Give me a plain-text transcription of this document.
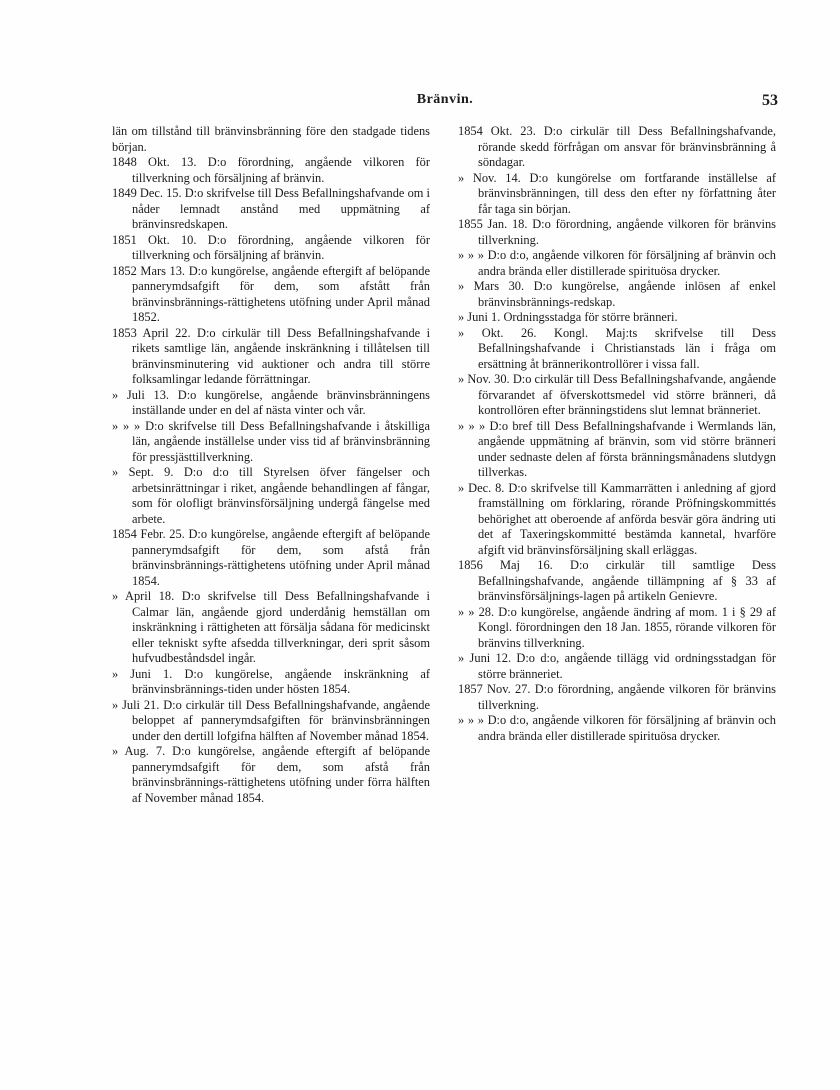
Bränvin.	53

län om tillstånd till bränvinsbränning före den stadgade tidens början.

1848 Okt. 13. D:o förordning, angående vilkoren för tillverkning och försäljning af bränvin.

1849 Dec. 15. D:o skrifvelse till Dess Befallningshafvande om i nåder lemnadt anstånd med uppmätning af bränvinsredskapen.

1851 Okt. 10. D:o förordning, angående vilkoren för tillverkning och försäljning af bränvin.

1852 Mars 13. D:o kungörelse, angående eftergift af belöpande pannerymdsafgift för dem, som afstått från bränvinsbrännings-rättighetens utöfning under April månad 1852.

1853 April 22. D:o cirkulär till Dess Befallningshafvande i rikets samtlige län, angående inskränkning i tillåtelsen till bränvinsminutering vid auktioner och andra till större folksamlingar ledande förrättningar.

» Juli 13. D:o kungörelse, angående bränvinsbränningens inställande under en del af nästa vinter och vår.

» » » D:o skrifvelse till Dess Befallningshafvande i åtskilliga län, angående inställelse under viss tid af bränvinsbränning för pressjästtillverkning.

» Sept. 9. D:o d:o till Styrelsen öfver fängelser och arbetsinrättningar i riket, angående behandlingen af fångar, som för olofligt bränvinsförsäljning undergå fängelse med arbete.

1854 Febr. 25. D:o kungörelse, angående eftergift af belöpande pannerymdsafgift för dem, som afstå från bränvinsbrännings-rättighetens utöfning under April månad 1854.

» April 18. D:o skrifvelse till Dess Befallningshafvande i Calmar län, angående gjord underdånig hemställan om inskränkning i rättigheten att försälja sådana för medicinskt eller tekniskt syfte afsedda tillverkningar, deri sprit såsom hufvudbeståndsdel ingår.

» Juni 1. D:o kungörelse, angående inskränkning af bränvinsbrännings-tiden under hösten 1854.

» Juli 21. D:o cirkulär till Dess Befallningshafvande, angående beloppet af pannerymdsafgiften för bränvinsbränningen under den dertill lofgifna hälften af November månad 1854.

» Aug. 7. D:o kungörelse, angående eftergift af belöpande pannerymdsafgift för dem, som afstå från bränvinsbrännings-rättighetens utöfning under förra hälften af November månad 1854.

1854 Okt. 23. D:o cirkulär till Dess Befallningshafvande, rörande skedd förfrågan om ansvar för bränvinsbränning å söndagar.

» Nov. 14. D:o kungörelse om fortfarande inställelse af bränvinsbränningen, till dess den efter ny författning åter får taga sin början.

1855 Jan. 18. D:o förordning, angående vilkoren för bränvins tillverkning.

» » » D:o d:o, angående vilkoren för försäljning af bränvin och andra brända eller distillerade spirituösa drycker.

» Mars 30. D:o kungörelse, angående inlösen af enkel bränvinsbrännings-redskap.

» Juni 1. Ordningsstadga för större bränneri.

» Okt. 26. Kongl. Maj:ts skrifvelse till Dess Befallningshafvande i Christianstads län i fråga om ersättning åt brännerikontrollörer i vissa fall.

» Nov. 30. D:o cirkulär till Dess Befallningshafvande, angående förvarandet af öfverskottsmedel vid större bränneri, då kontrollören efter bränningstidens slut lemnat bränneriet.

» » » D:o bref till Dess Befallningshafvande i Wermlands län, angående uppmätning af bränvin, som vid större bränneri under sednaste delen af första bränningsmånadens slutdygn tillverkas.

» Dec. 8. D:o skrifvelse till Kammarrätten i anledning af gjord framställning om förklaring, rörande Pröfningskommittés behörighet att oberoende af anförda besvär göra ändring uti det af Taxeringskommitté bestämda kannetal, hvarföre afgift vid bränvinsförsäljning skall erläggas.

1856 Maj 16. D:o cirkulär till samtlige Dess Befallningshafvande, angående tillämpning af § 33 af bränvinsförsäljnings-lagen på artikeln Genievre.

» » 28. D:o kungörelse, angående ändring af mom. 1 i § 29 af Kongl. förordningen den 18 Jan. 1855, rörande vilkoren för bränvins tillverkning.

» Juni 12. D:o d:o, angående tillägg vid ordningsstadgan för större bränneriet.

1857 Nov. 27. D:o förordning, angående vilkoren för bränvins tillverkning.

» » » D:o d:o, angående vilkoren för försäljning af bränvin och andra brända eller distillerade spirituösa drycker.
